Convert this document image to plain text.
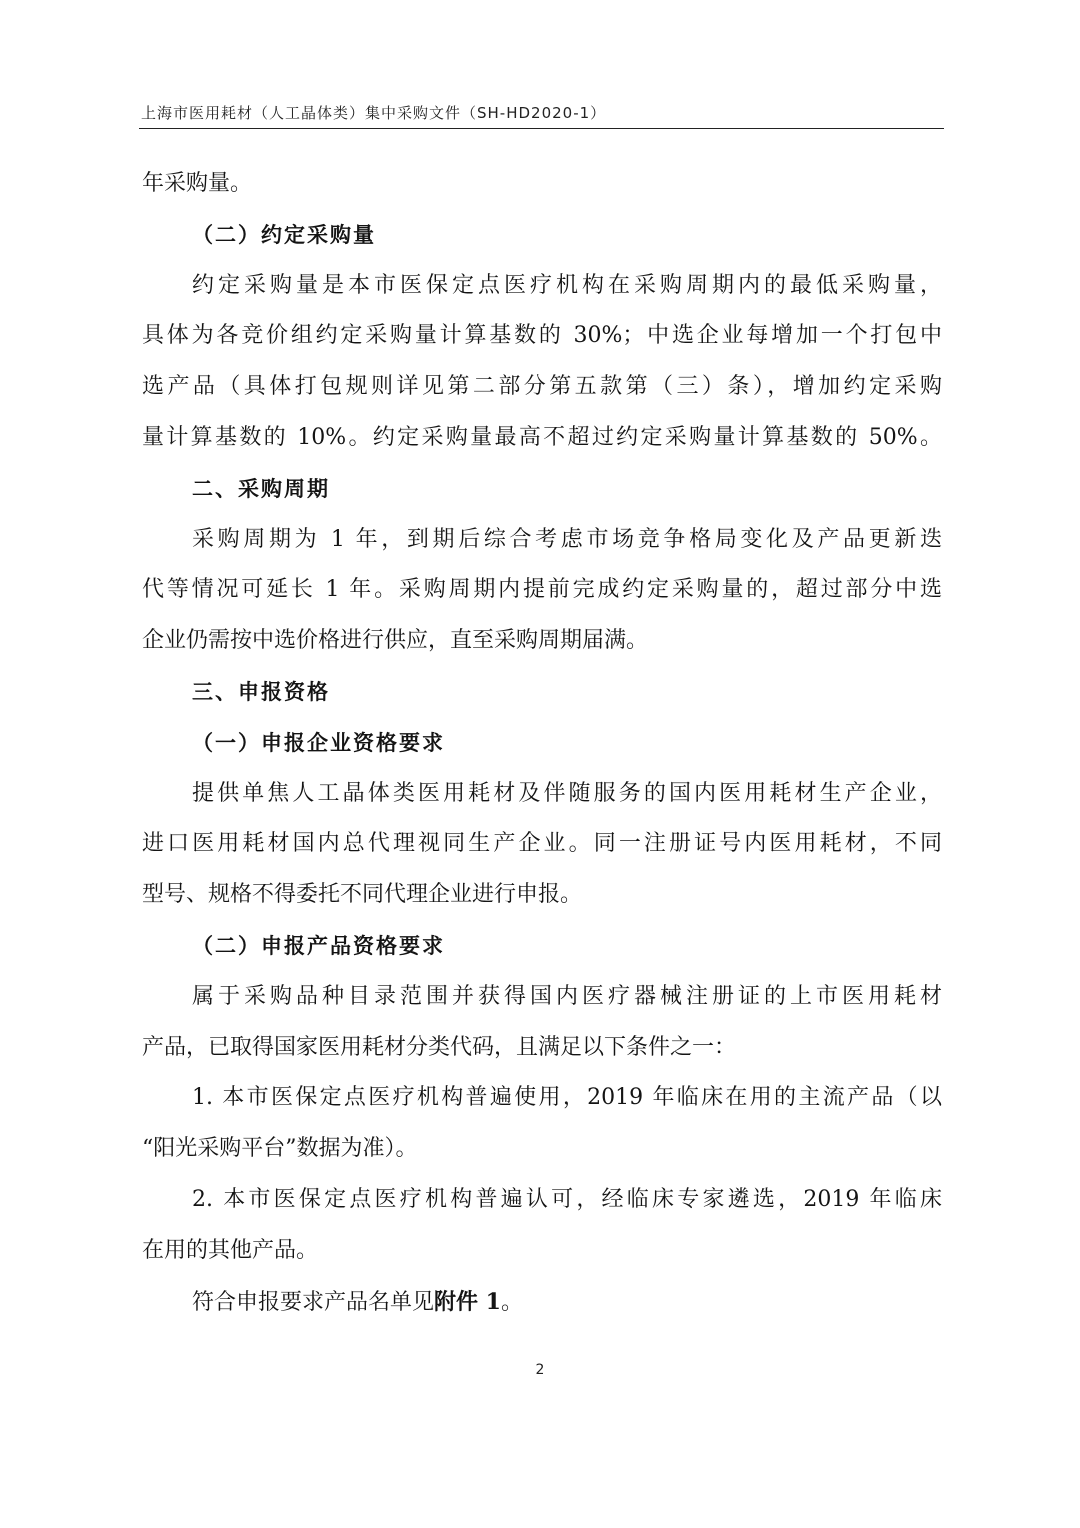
上海市医用耗材（人工晶体类）集中采购文件（SH-HD2020-1）
年采购量。
（二）约定采购量
约定采购量是本市医保定点医疗机构在采购周期内的最低采购量，
具体为各竞价组约定采购量计算基数的 30%；中选企业每增加一个打包中
选产品（具体打包规则详见第二部分第五款第（三）条），增加约定采购
量计算基数的 10%。约定采购量最高不超过约定采购量计算基数的 50%。
二、采购周期
采购周期为 1 年，到期后综合考虑市场竞争格局变化及产品更新迭
代等情况可延长 1 年。采购周期内提前完成约定采购量的，超过部分中选
企业仍需按中选价格进行供应，直至采购周期届满。
三、申报资格
（一）申报企业资格要求
提供单焦人工晶体类医用耗材及伴随服务的国内医用耗材生产企业，
进口医用耗材国内总代理视同生产企业。同一注册证号内医用耗材，不同
型号、规格不得委托不同代理企业进行申报。
（二）申报产品资格要求
属于采购品种目录范围并获得国内医疗器械注册证的上市医用耗材
产品，已取得国家医用耗材分类代码，且满足以下条件之一：
1. 本市医保定点医疗机构普遍使用，2019 年临床在用的主流产品（以
“阳光采购平台”数据为准）。
2. 本市医保定点医疗机构普遍认可，经临床专家遴选，2019 年临床
在用的其他产品。
符合申报要求产品名单见附件 1。
2
